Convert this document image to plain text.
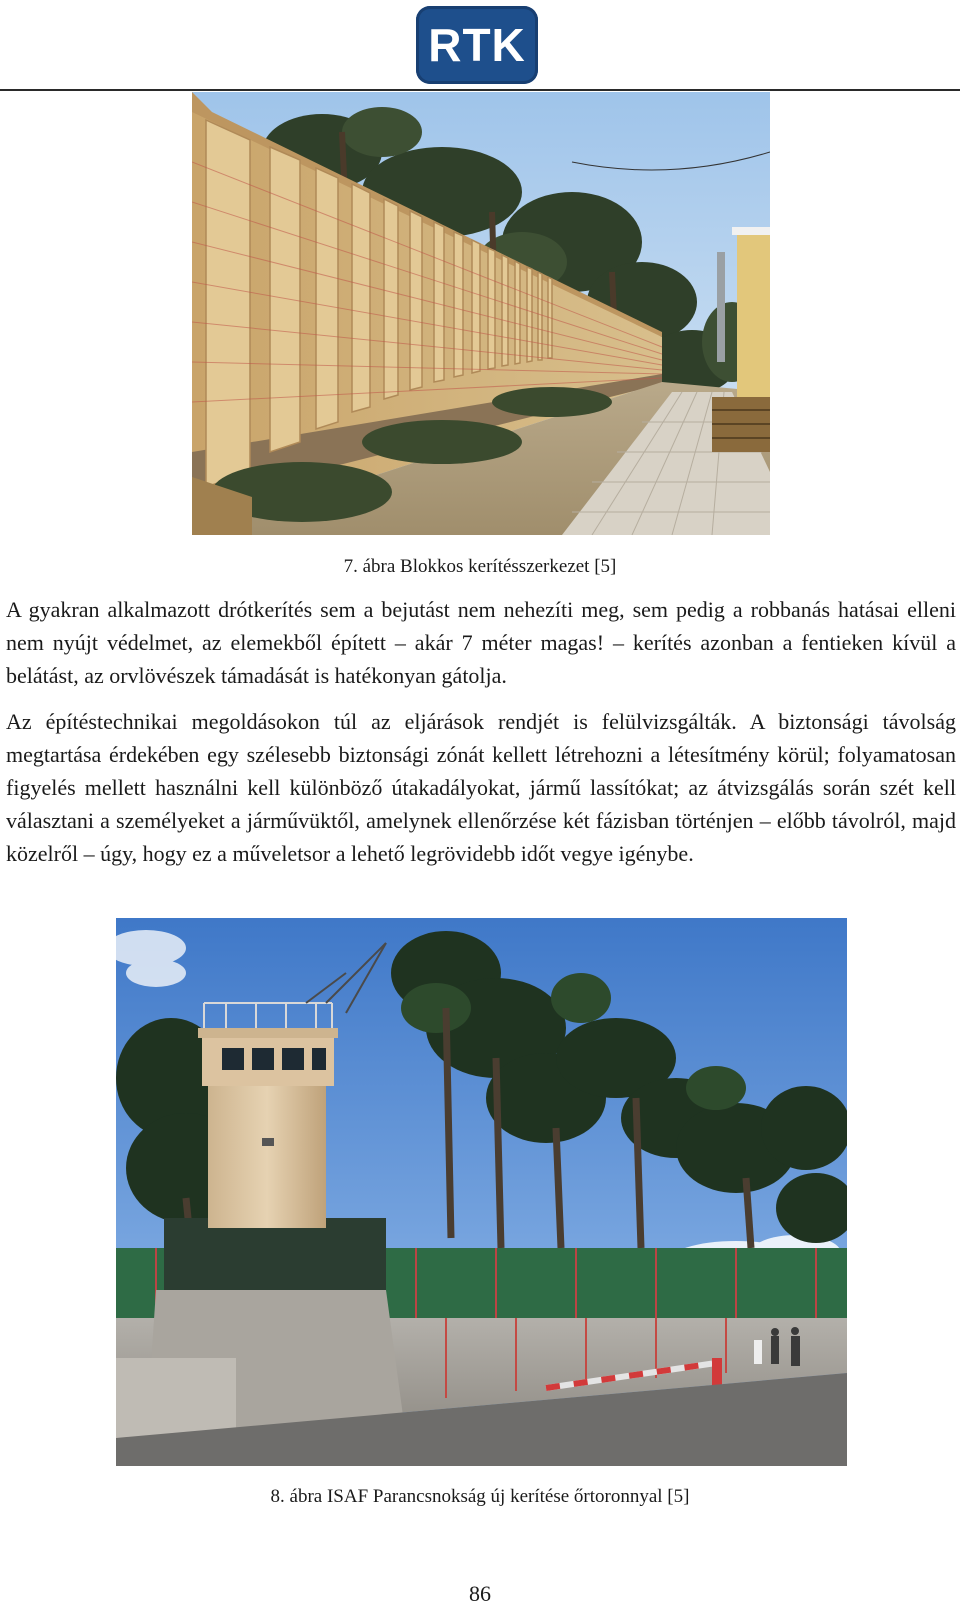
RTK
7. ábra Blokkos kerítésszerkezet [5]

A gyakran alkalmazott drótkerítés sem a bejutást nem nehezíti meg, sem pedig a robbanás hatásai elleni nem nyújt védelmet, az elemekből épített – akár 7 méter magas! – kerítés azonban a fentieken kívül a belátást, az orvlövészek támadását is hatékonyan gátolja.

Az építéstechnikai megoldásokon túl az eljárások rendjét is felülvizsgálták. A biztonsági távolság megtartása érdekében egy szélesebb biztonsági zónát kellett létrehozni a létesítmény körül; folyamatosan figyelés mellett használni kell különböző útakadályokat, jármű lassítókat; az átvizsgálás során szét kell választani a személyeket a járművüktől, amelynek ellenőrzése két fázisban történjen – előbb távolról, majd közelről – úgy, hogy ez a műveletsor a lehető legrövidebb időt vegye igénybe.

8. ábra ISAF Parancsnokság új kerítése őrtoronnyal [5]
86
